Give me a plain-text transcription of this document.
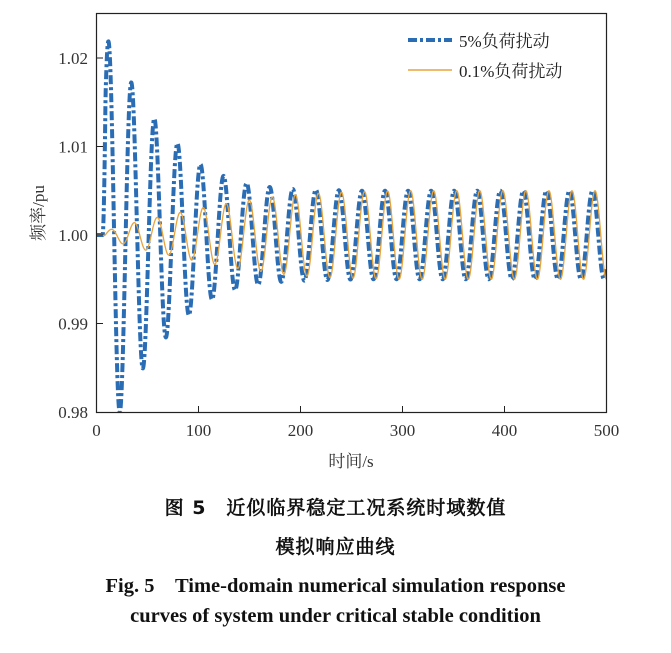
0	100	200	300	400	500
0.98
0.99
1.00
1.01
1.02
5%负荷扰动
0.1%负荷扰动
时间/s
频率/pu
图 5　近似临界稳定工况系统时域数值
模拟响应曲线
Fig. 5　Time-domain numerical simulation response
curves of system under critical stable condition
